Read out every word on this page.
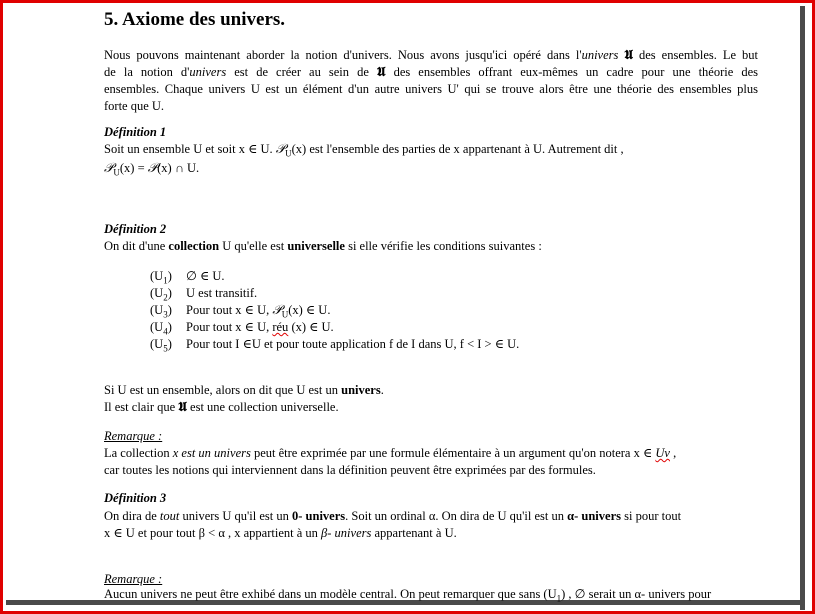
5. Axiome des univers.
Nous pouvons maintenant aborder la notion d'univers. Nous avons jusqu'ici opéré dans l'univers 𝖀 des ensembles. Le but
de la notion d'univers est de créer au sein de 𝖀 des ensembles offrant eux-mêmes un cadre pour une théorie des
ensembles. Chaque univers U est un élément d'un autre univers U' qui se trouve alors être une théorie des ensembles plus
forte que U.
Définition 1
Soit un ensemble U et soit x ∈ U. 𝒫$_U$(x) est l'ensemble des parties de x appartenant à U. Autrement dit ,
𝒫$_U$(x) = 𝒫(x) ∩ U.
Définition 2
On dit d'une collection U qu'elle est universelle si elle vérifie les conditions suivantes :
$(U_1)$ ∅ ∈ U.
$(U_2)$ U est transitif.
$(U_3)$ Pour tout x ∈ U, 𝒫$_U$(x) ∈ U.
$(U_4)$ Pour tout x ∈ U, réu (x) ∈ U.
$(U_5)$ Pour tout I ∈U et pour toute application f de I dans U, f < I > ∈ U.
Si U est un ensemble, alors on dit que U est un univers.
Il est clair que 𝖀 est une collection universelle.
Remarque :
La collection x est un univers peut être exprimée par une formule élémentaire à un argument qu'on notera x ∈ Uv ,
car toutes les notions qui interviennent dans la définition peuvent être exprimées par des formules.
Définition 3
On dira de tout univers U qu'il est un 0- univers. Soit un ordinal α. On dira de U qu'il est un α- univers si pour tout
x ∈ U et pour tout β < α , x appartient à un β- univers appartenant à U.
Remarque :
Aucun univers ne peut être exhibé dans un modèle central. On peut remarquer que sans $(U_1)$ , ∅ serait un α- univers pour
